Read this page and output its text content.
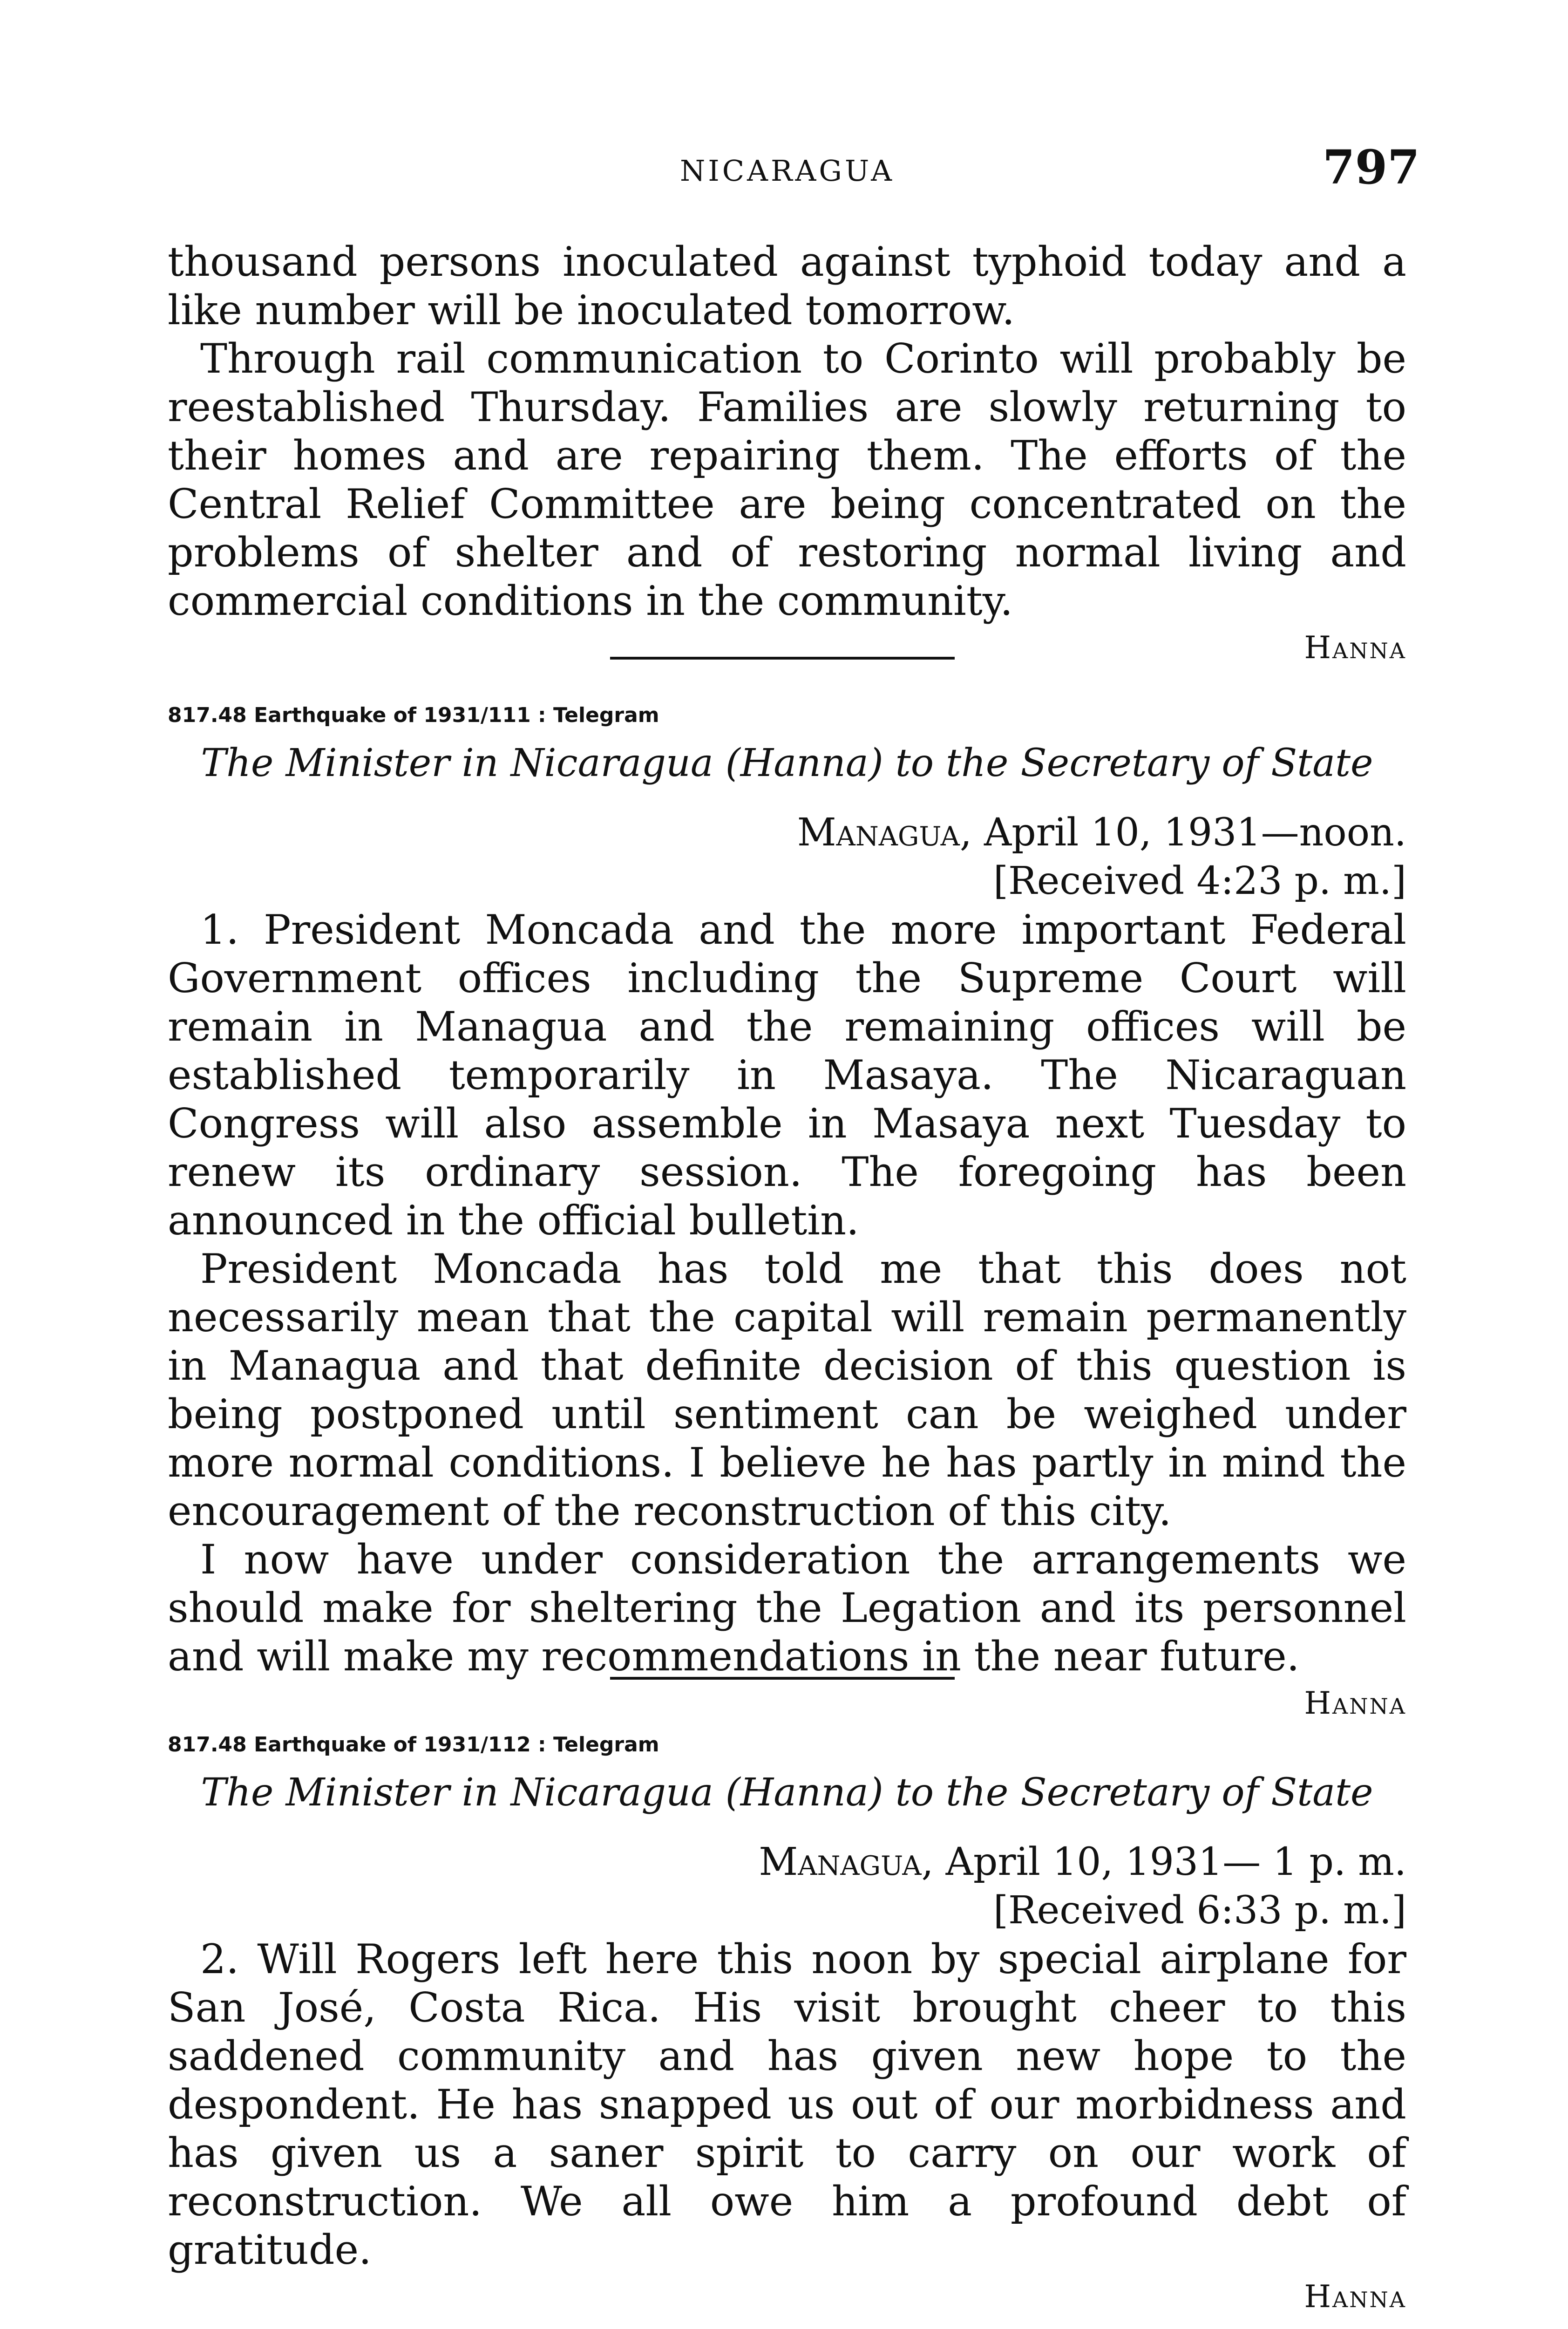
NICARAGUA	797

thousand persons inoculated against typhoid today and a like number will be inoculated tomorrow.

Through rail communication to Corinto will probably be reestablished Thursday. Families are slowly returning to their homes and are repairing them. The efforts of the Central Relief Committee are being concentrated on the problems of shelter and of restoring normal living and commercial conditions in the community.

Hanna

817.48 Earthquake of 1931/111 : Telegram

The Minister in Nicaragua (Hanna) to the Secretary of State

Managua, April 10, 1931—noon.

[Received 4:23 p. m.]

1. President Moncada and the more important Federal Government offices including the Supreme Court will remain in Managua and the remaining offices will be established temporarily in Masaya. The Nicaraguan Congress will also assemble in Masaya next Tuesday to renew its ordinary session. The foregoing has been announced in the official bulletin.

President Moncada has told me that this does not necessarily mean that the capital will remain permanently in Managua and that definite decision of this question is being postponed until sentiment can be weighed under more normal conditions. I believe he has partly in mind the encouragement of the reconstruction of this city.

I now have under consideration the arrangements we should make for sheltering the Legation and its personnel and will make my recommendations in the near future.

Hanna

817.48 Earthquake of 1931/112 : Telegram

The Minister in Nicaragua (Hanna) to the Secretary of State

Managua, April 10, 1931— 1 p. m.

[Received 6:33 p. m.]

2. Will Rogers left here this noon by special airplane for San José, Costa Rica. His visit brought cheer to this saddened community and has given new hope to the despondent. He has snapped us out of our morbidness and has given us a saner spirit to carry on our work of reconstruction. We all owe him a profound debt of gratitude.

Hanna
